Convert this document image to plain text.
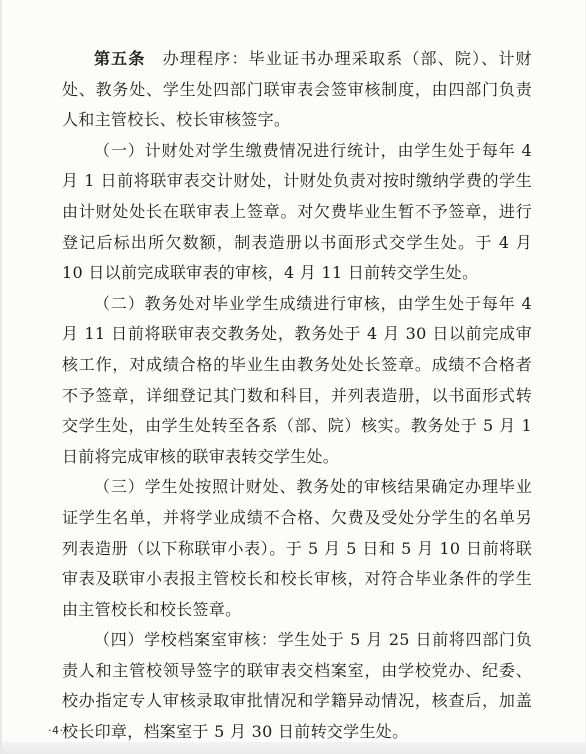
第五条　 办理程序：毕业证书办理采取系（部、院）、计财处、教务处、学生处四部门联审表会签审核制度，由四部门负责人和主管校长、校长审核签字。

（一）计财处对学生缴费情况进行统计，由学生处于每年 4 月 1 日前将联审表交计财处，计财处负责对按时缴纳学费的学生由计财处处长在联审表上签章。对欠费毕业生暂不予签章，进行登记后标出所欠数额，制表造册以书面形式交学生处。于 4 月 10 日以前完成联审表的审核，4 月 11 日前转交学生处。

（二）教务处对毕业学生成绩进行审核，由学生处于每年 4 月 11 日前将联审表交教务处，教务处于 4 月 30 日以前完成审核工作，对成绩合格的毕业生由教务处处长签章。成绩不合格者不予签章，详细登记其门数和科目，并列表造册，以书面形式转交学生处，由学生处转至各系（部、院）核实。教务处于 5 月 1 日前将完成审核的联审表转交学生处。

（三）学生处按照计财处、教务处的审核结果确定办理毕业证学生名单，并将学业成绩不合格、欠费及受处分学生的名单另列表造册（以下称联审小表）。于 5 月 5 日和 5 月 10 日前将联审表及联审小表报主管校长和校长审核，对符合毕业条件的学生由主管校长和校长签章。

（四）学校档案室审核：学生处于 5 月 25 日前将四部门负责人和主管校领导签字的联审表交档案室，由学校党办、纪委、校办指定专人审核录取审批情况和学籍异动情况，核查后，加盖校长印章，档案室于 5 月 30 日前转交学生处。

·4·
